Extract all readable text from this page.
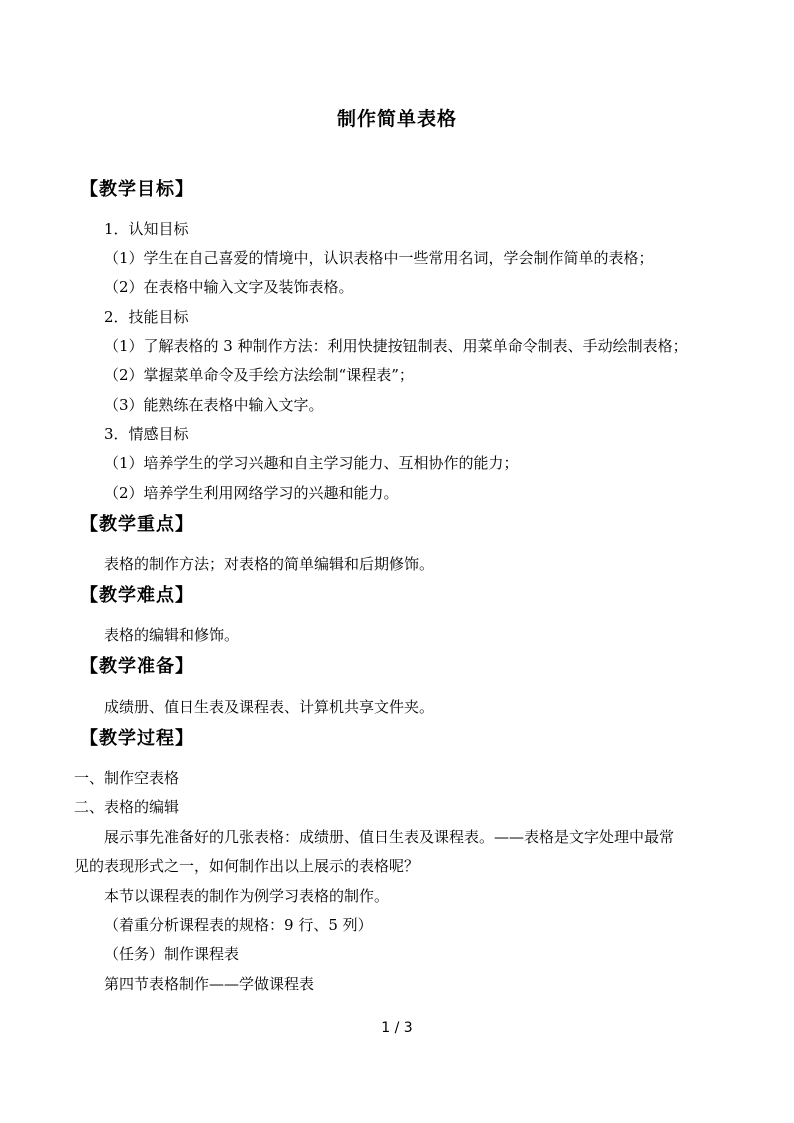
制作简单表格
【教学目标】
1．认知目标
（1）学生在自己喜爱的情境中，认识表格中一些常用名词，学会制作简单的表格；
（2）在表格中输入文字及装饰表格。
2．技能目标
（1）了解表格的 3 种制作方法：利用快捷按钮制表、用菜单命令制表、手动绘制表格；
（2）掌握菜单命令及手绘方法绘制“课程表”；
（3）能熟练在表格中输入文字。
3．情感目标
（1）培养学生的学习兴趣和自主学习能力、互相协作的能力；
（2）培养学生利用网络学习的兴趣和能力。
【教学重点】
表格的制作方法；对表格的简单编辑和后期修饰。
【教学难点】
表格的编辑和修饰。
【教学准备】
成绩册、值日生表及课程表、计算机共享文件夹。
【教学过程】
一、制作空表格
二、表格的编辑
展示事先准备好的几张表格：成绩册、值日生表及课程表。——表格是文字处理中最常
见的表现形式之一，如何制作出以上展示的表格呢？
本节以课程表的制作为例学习表格的制作。
（着重分析课程表的规格：9 行、5 列）
（任务）制作课程表
第四节表格制作——学做课程表
1 / 3
